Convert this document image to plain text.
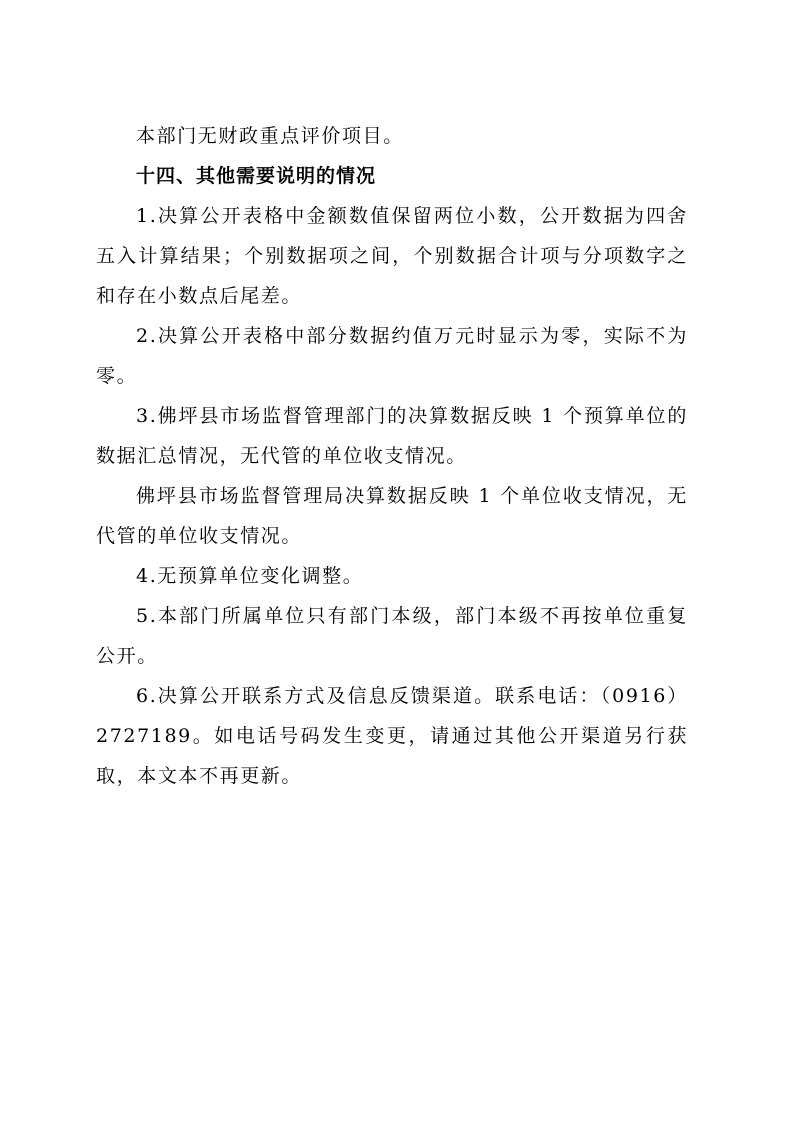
本部门无财政重点评价项目。

十四、其他需要说明的情况

1.决算公开表格中金额数值保留两位小数，公开数据为四舍五入计算结果；个别数据项之间，个别数据合计项与分项数字之和存在小数点后尾差。

2.决算公开表格中部分数据约值万元时显示为零，实际不为零。

3.佛坪县市场监督管理部门的决算数据反映 1 个预算单位的数据汇总情况，无代管的单位收支情况。

佛坪县市场监督管理局决算数据反映 1 个单位收支情况，无代管的单位收支情况。

4.无预算单位变化调整。

5.本部门所属单位只有部门本级，部门本级不再按单位重复公开。

6.决算公开联系方式及信息反馈渠道。联系电话：（0916）2727189。如电话号码发生变更，请通过其他公开渠道另行获取，本文本不再更新。
